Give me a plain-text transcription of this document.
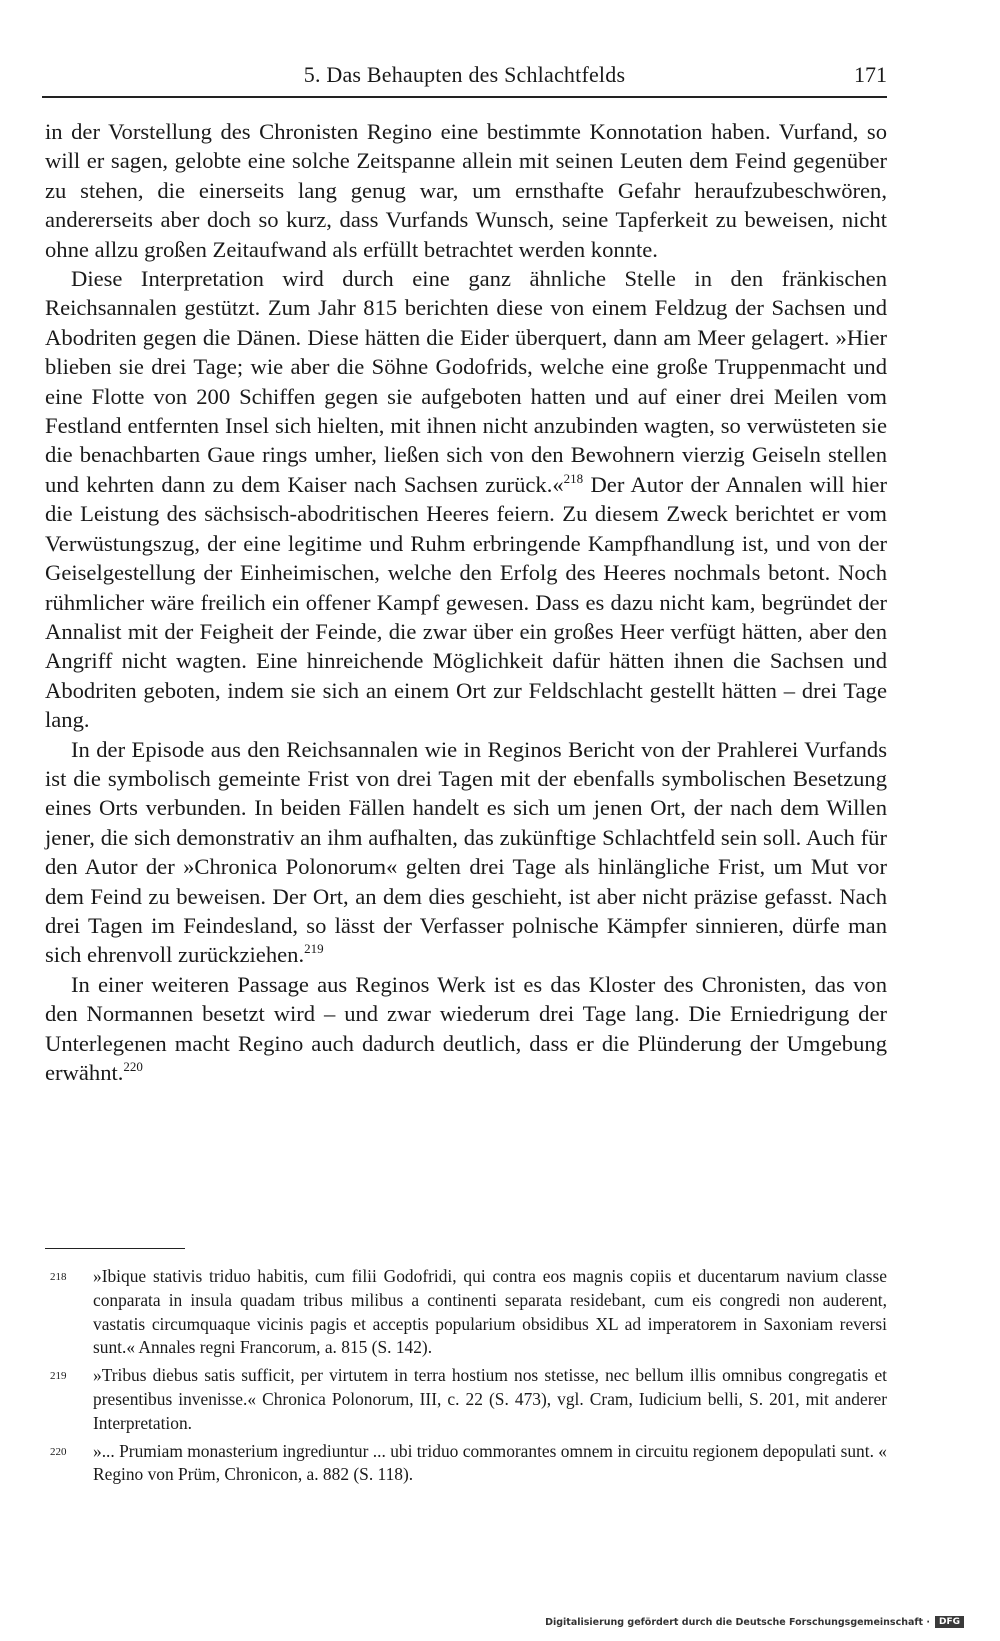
5. Das Behaupten des Schlachtfelds	171

in der Vorstellung des Chronisten Regino eine bestimmte Konnotation haben. Vurfand, so will er sagen, gelobte eine solche Zeitspanne allein mit seinen Leuten dem Feind gegenüber zu stehen, die einerseits lang genug war, um ernsthafte Gefahr heraufzubeschwören, andererseits aber doch so kurz, dass Vurfands Wunsch, seine Tapferkeit zu beweisen, nicht ohne allzu großen Zeitaufwand als erfüllt betrachtet werden konnte.

Diese Interpretation wird durch eine ganz ähnliche Stelle in den fränkischen Reichsannalen gestützt. Zum Jahr 815 berichten diese von einem Feldzug der Sachsen und Abodriten gegen die Dänen. Diese hätten die Eider überquert, dann am Meer gelagert. »Hier blieben sie drei Tage; wie aber die Söhne Godofrids, welche eine große Truppenmacht und eine Flotte von 200 Schiffen gegen sie aufgeboten hatten und auf einer drei Meilen vom Festland entfernten Insel sich hielten, mit ihnen nicht anzubinden wagten, so verwüsteten sie die benachbarten Gaue rings umher, ließen sich von den Bewohnern vierzig Geiseln stellen und kehrten dann zu dem Kaiser nach Sachsen zurück.«$^{218}$ Der Autor der Annalen will hier die Leistung des sächsisch-abodritischen Heeres feiern. Zu diesem Zweck berichtet er vom Verwüstungszug, der eine legitime und Ruhm erbringende Kampfhandlung ist, und von der Geiselgestellung der Einheimischen, welche den Erfolg des Heeres nochmals betont. Noch rühmlicher wäre freilich ein offener Kampf gewesen. Dass es dazu nicht kam, begründet der Annalist mit der Feigheit der Feinde, die zwar über ein großes Heer verfügt hätten, aber den Angriff nicht wagten. Eine hinreichende Möglichkeit dafür hätten ihnen die Sachsen und Abodriten geboten, indem sie sich an einem Ort zur Feldschlacht gestellt hätten – drei Tage lang.

In der Episode aus den Reichsannalen wie in Reginos Bericht von der Prahlerei Vurfands ist die symbolisch gemeinte Frist von drei Tagen mit der ebenfalls symbolischen Besetzung eines Orts verbunden. In beiden Fällen handelt es sich um jenen Ort, der nach dem Willen jener, die sich demonstrativ an ihm aufhalten, das zukünftige Schlachtfeld sein soll. Auch für den Autor der »Chronica Polonorum« gelten drei Tage als hinlängliche Frist, um Mut vor dem Feind zu beweisen. Der Ort, an dem dies geschieht, ist aber nicht präzise gefasst. Nach drei Tagen im Feindesland, so lässt der Verfasser polnische Kämpfer sinnieren, dürfe man sich ehrenvoll zurückziehen.$^{219}$

In einer weiteren Passage aus Reginos Werk ist es das Kloster des Chronisten, das von den Normannen besetzt wird – und zwar wiederum drei Tage lang. Die Erniedrigung der Unterlegenen macht Regino auch dadurch deutlich, dass er die Plünderung der Umgebung erwähnt.$^{220}$

218 »Ibique stativis triduo habitis, cum filii Godofridi, qui contra eos magnis copiis et ducentarum navium classe conparata in insula quadam tribus milibus a continenti separata residebant, cum eis congredi non auderent, vastatis circumquaque vicinis pagis et acceptis popularium obsidibus XL ad imperatorem in Saxoniam reversi sunt.« Annales regni Francorum, a. 815 (S. 142).
219 »Tribus diebus satis sufficit, per virtutem in terra hostium nos stetisse, nec bellum illis omnibus congregatis et presentibus invenisse.« Chronica Polonorum, III, c. 22 (S. 473), vgl. Cram, Iudicium belli, S. 201, mit anderer Interpretation.
220 »... Prumiam monasterium ingrediuntur ... ubi triduo commorantes omnem in circuitu regionem depopulati sunt. « Regino von Prüm, Chronicon, a. 882 (S. 118).
Digitalisierung gefördert durch die Deutsche Forschungsgemeinschaft ·	DFG
